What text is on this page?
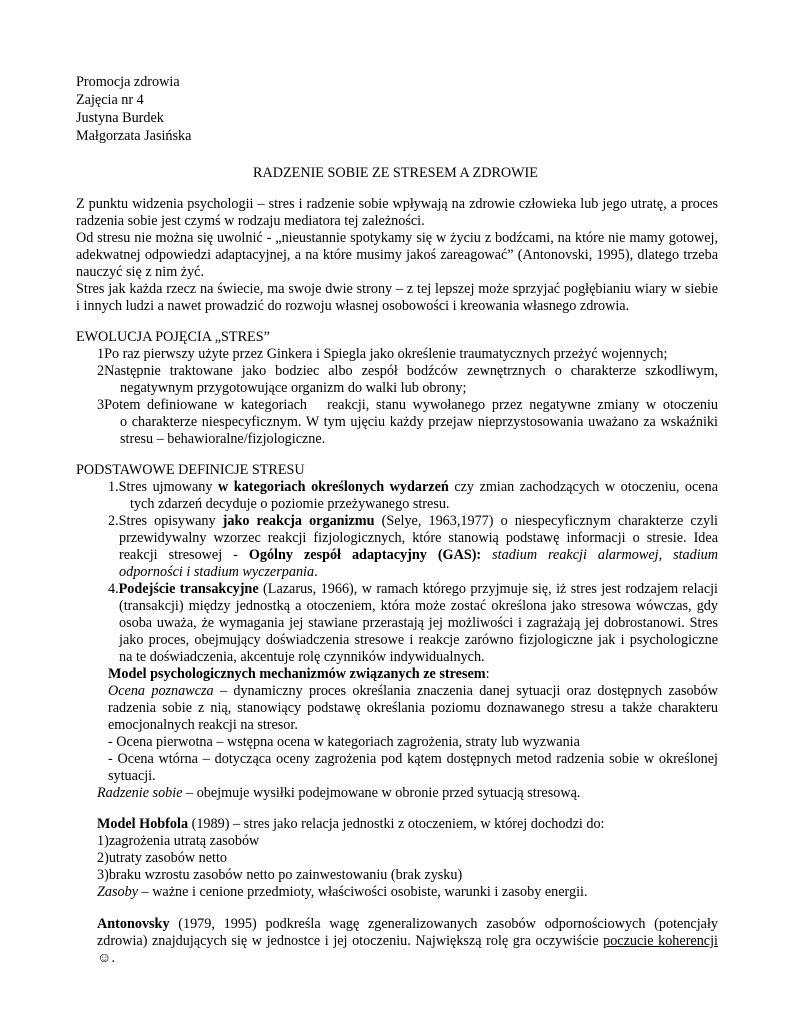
Promocja zdrowia
Zajęcia nr 4
Justyna Burdek
Małgorzata Jasińska
RADZENIE SOBIE ZE STRESEM A ZDROWIE
Z punktu widzenia psychologii – stres i radzenie sobie wpływają na zdrowie człowieka lub jego utratę, a proces
radzenia sobie jest czymś w rodzaju mediatora tej zależności.
Od stresu nie można się uwolnić - „nieustannie spotykamy się w życiu z bodźcami, na które nie mamy gotowej,
adekwatnej odpowiedzi adaptacyjnej, a na które musimy jakoś zareagować” (Antonovski, 1995), dlatego trzeba
nauczyć się z nim żyć.
Stres jak każda rzecz na świecie, ma swoje dwie strony – z tej lepszej może sprzyjać pogłębianiu wiary w siebie
i innych ludzi a nawet prowadzić do rozwoju własnej osobowości i kreowania własnego zdrowia.
EWOLUCJA POJĘCIA „STRES”
1Po raz pierwszy użyte przez Ginkera i Spiegla jako określenie traumatycznych przeżyć wojennych;
2Następnie traktowane jako bodziec albo zespół bodźców zewnętrznych o charakterze szkodliwym,
negatywnym przygotowujące organizm do walki lub obrony;
3Potem definiowane w kategoriach   reakcji, stanu wywołanego przez negatywne zmiany w otoczeniu
o charakterze niespecyficznym. W tym ujęciu każdy przejaw nieprzystosowania uważano za wskaźniki
stresu – behawioralne/fizjologiczne.
PODSTAWOWE DEFINICJE STRESU
1.Stres ujmowany w kategoriach określonych wydarzeń czy zmian zachodzących w otoczeniu, ocena
tych zdarzeń decyduje o poziomie przeżywanego stresu.
2.Stres opisywany jako reakcja organizmu (Selye, 1963,1977) o niespecyficznym charakterze czyli
przewidywalny wzorzec reakcji fizjologicznych, które stanowią podstawę informacji o stresie. Idea
reakcji stresowej - Ogólny zespół adaptacyjny (GAS): stadium reakcji alarmowej, stadium
odporności i stadium wyczerpania.
4.Podejście transakcyjne (Lazarus, 1966), w ramach którego przyjmuje się, iż stres jest rodzajem relacji
(transakcji) między jednostką a otoczeniem, która może zostać określona jako stresowa wówczas, gdy
osoba uważa, że wymagania jej stawiane przerastają jej możliwości i zagrażają jej dobrostanowi. Stres
jako proces, obejmujący doświadczenia stresowe i reakcje zarówno fizjologiczne jak i psychologiczne
na te doświadczenia, akcentuje rolę czynników indywidualnych.
Model psychologicznych mechanizmów związanych ze stresem:
Ocena poznawcza – dynamiczny proces określania znaczenia danej sytuacji oraz dostępnych zasobów
radzenia sobie z nią, stanowiący podstawę określania poziomu doznawanego stresu a także charakteru
emocjonalnych reakcji na stresor.
- Ocena pierwotna – wstępna ocena w kategoriach zagrożenia, straty lub wyzwania
- Ocena wtórna – dotycząca oceny zagrożenia pod kątem dostępnych metod radzenia sobie w określonej
sytuacji.
Radzenie sobie – obejmuje wysiłki podejmowane w obronie przed sytuacją stresową.
Model Hobfola (1989) – stres jako relacja jednostki z otoczeniem, w której dochodzi do:
1)zagrożenia utratą zasobów
2)utraty zasobów netto
3)braku wzrostu zasobów netto po zainwestowaniu (brak zysku)
Zasoby – ważne i cenione przedmioty, właściwości osobiste, warunki i zasoby energii.
Antonovsky (1979, 1995) podkreśla wagę zgeneralizowanych zasobów odpornościowych (potencjały
zdrowia) znajdujących się w jednostce i jej otoczeniu. Największą rolę gra oczywiście poczucie koherencji
☺.
